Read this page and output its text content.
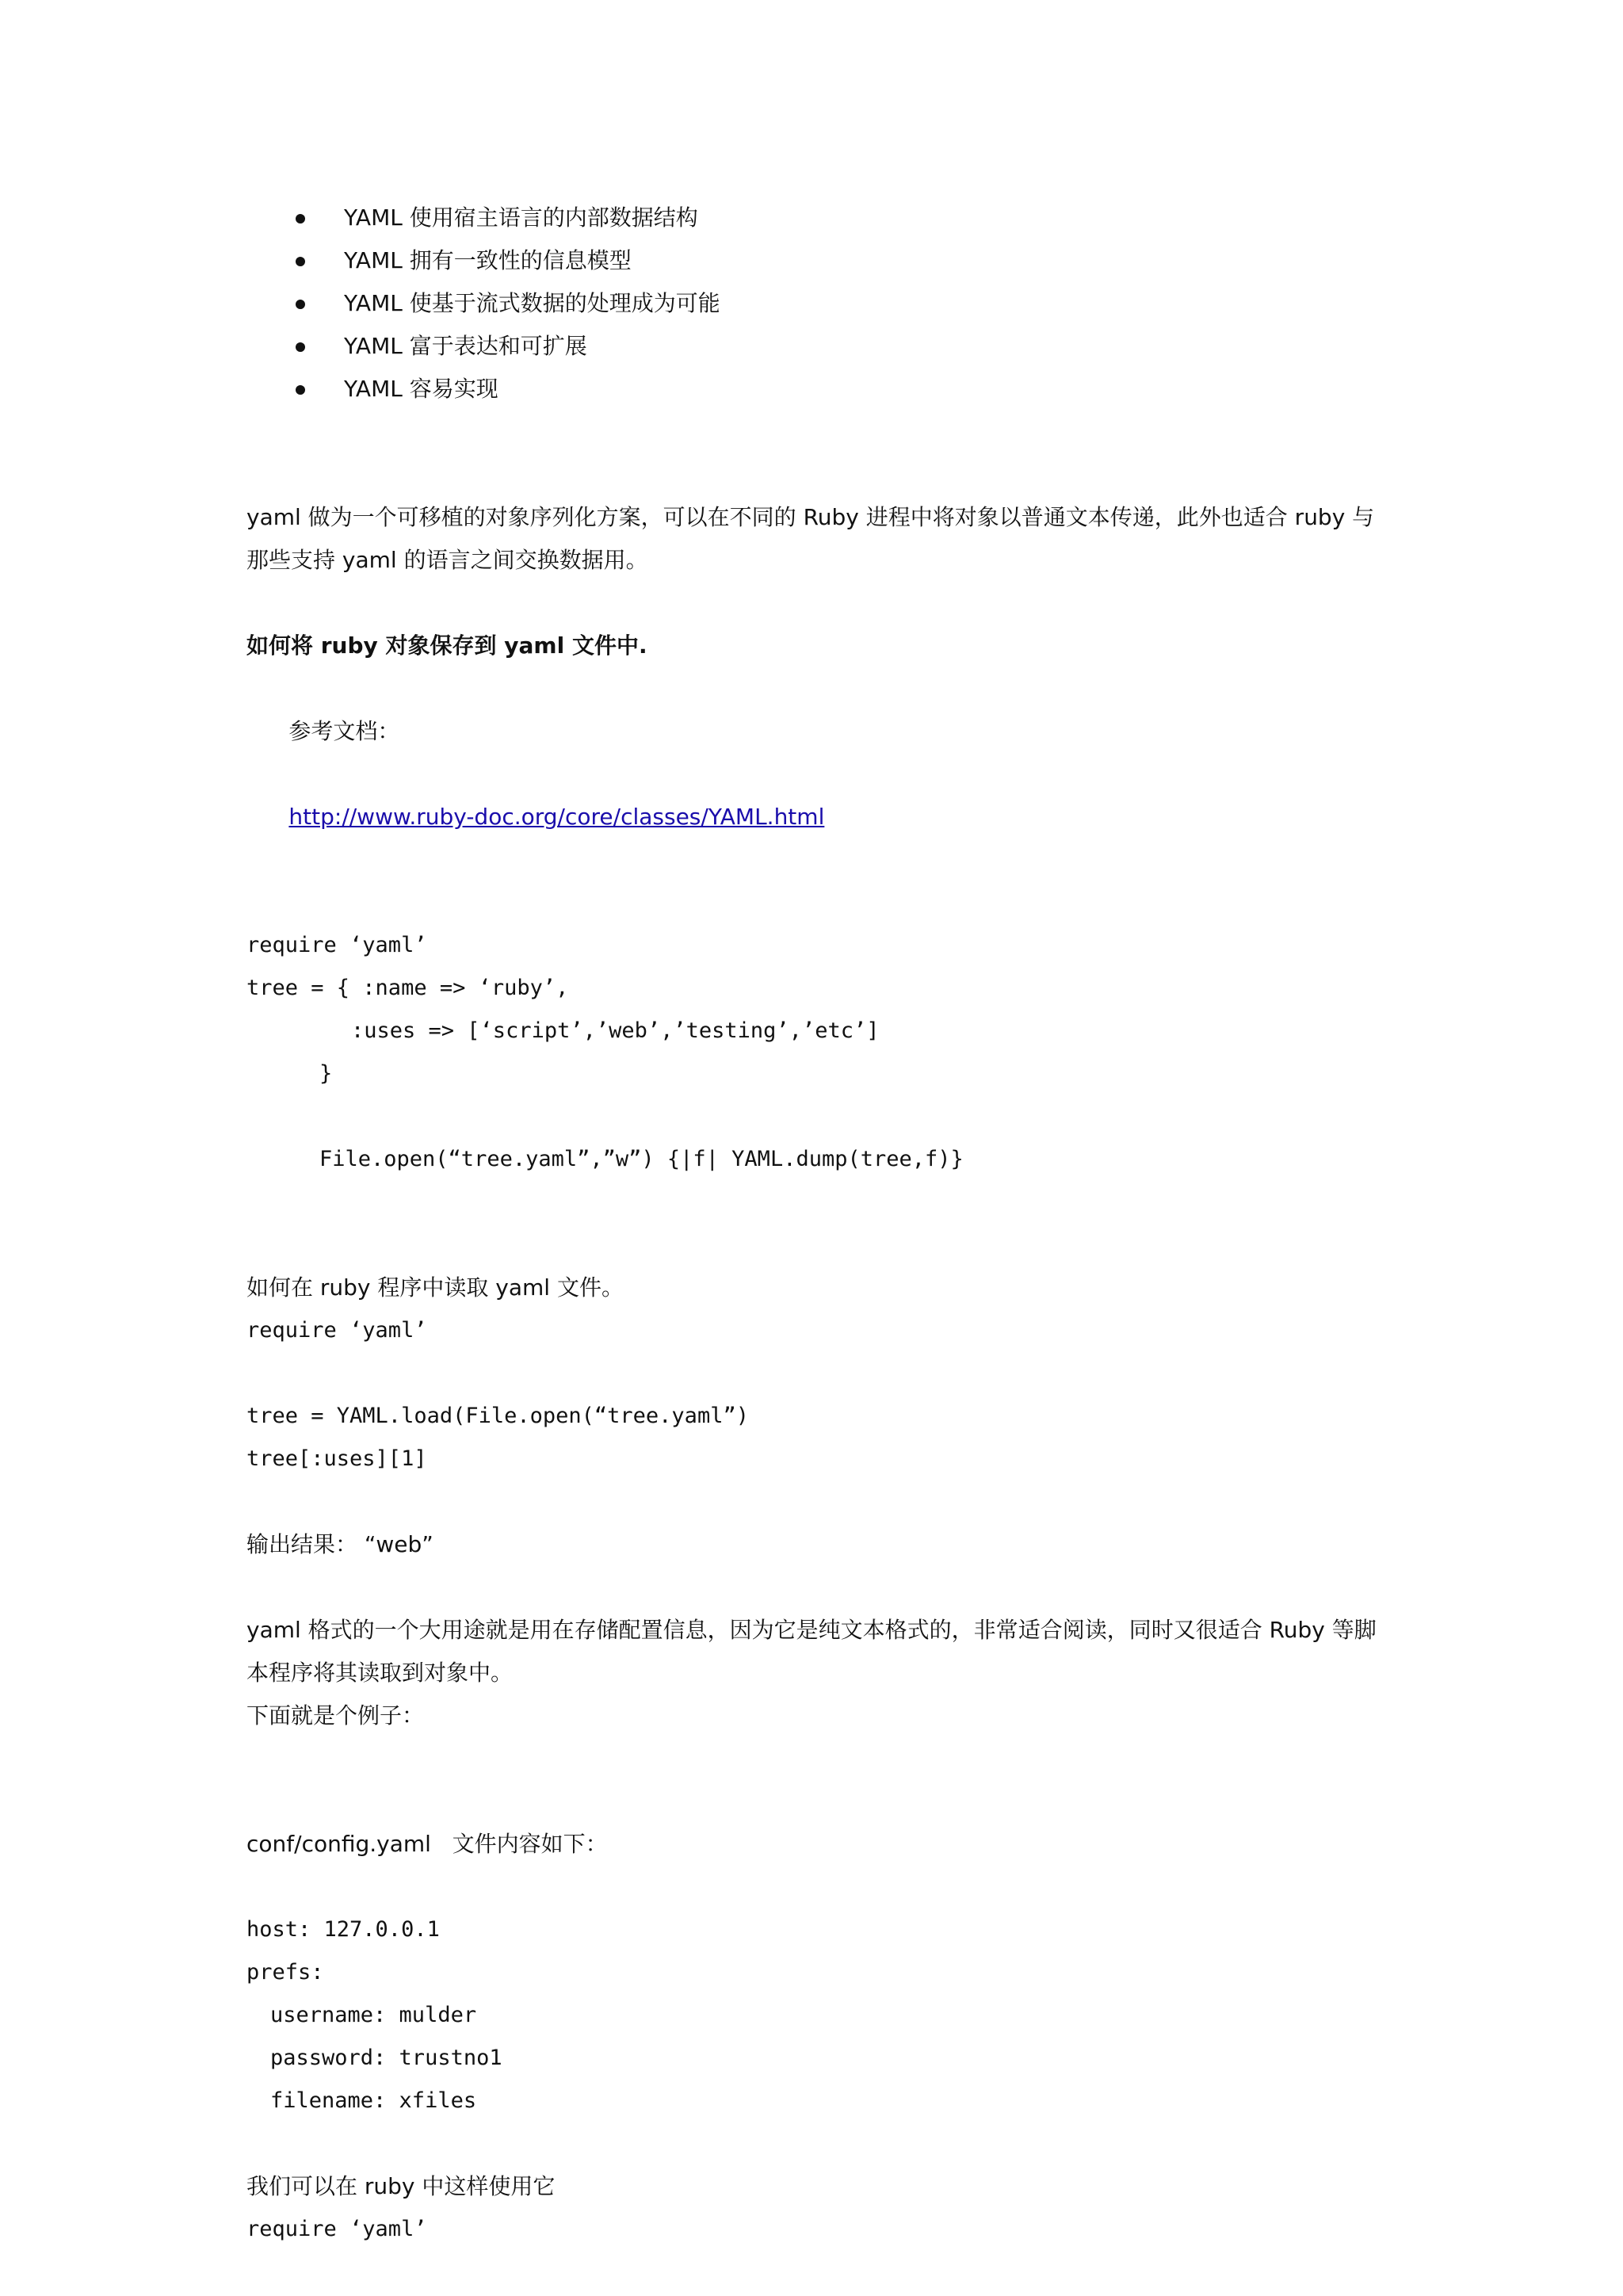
YAML 使用宿主语言的内部数据结构
YAML 拥有一致性的信息模型
YAML 使基于流式数据的处理成为可能
YAML 富于表达和可扩展
YAML 容易实现
yaml 做为一个可移植的对象序列化方案，可以在不同的 Ruby 进程中将对象以普通文本传递，此外也适合 ruby 与那些支持 yaml 的语言之间交换数据用。
如何将 ruby 对象保存到 yaml 文件中.

参考文档：

http://www.ruby-doc.org/core/classes/YAML.html

require ‘yaml’
tree = { :name => ‘ruby’,
:uses => [‘script’,’web’,’testing’,’etc’]
}
File.open(“tree.yaml”,”w”) {|f| YAML.dump(tree,f)}
如何在 ruby 程序中读取 yaml 文件。
require ‘yaml’
tree = YAML.load(File.open(“tree.yaml”)
tree[:uses][1]
输出结果： “web”
yaml 格式的一个大用途就是用在存储配置信息，因为它是纯文本格式的，非常适合阅读，同时又很适合 Ruby 等脚本程序将其读取到对象中。
下面就是个例子：
conf/config.yaml   文件内容如下：
host: 127.0.0.1
prefs:
username: mulder
password: trustno1
filename: xfiles
我们可以在 ruby 中这样使用它
require ‘yaml’
